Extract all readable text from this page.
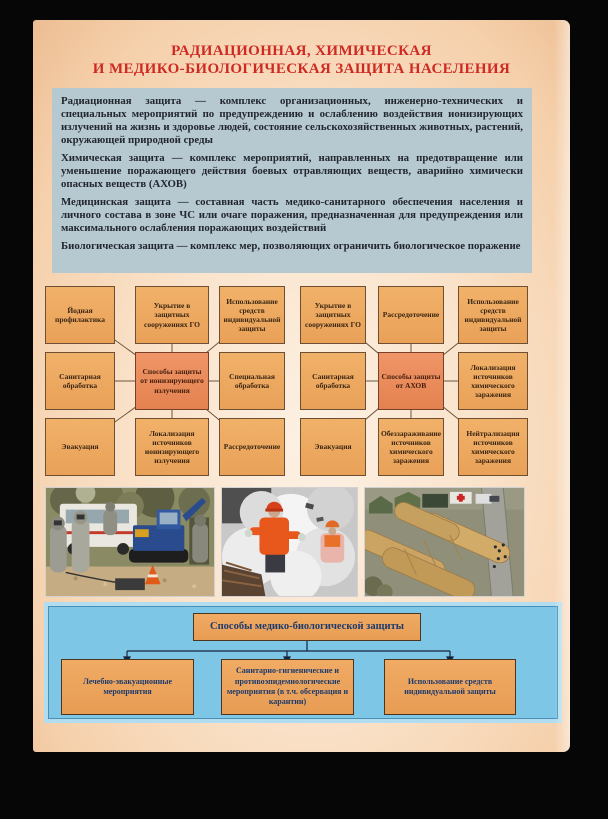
РАДИАЦИОННАЯ, ХИМИЧЕСКАЯ
И МЕДИКО-БИОЛОГИЧЕСКАЯ ЗАЩИТА НАСЕЛЕНИЯ

Радиационная защита — комплекс организационных, инженерно-технических и специальных мероприятий по предупреждению и ослаблению воздействия ионизирующих излучений на жизнь и здоровье людей, состояние сельскохозяйственных животных, растений, окружающей природной среды

Химическая защита — комплекс мероприятий, направленных на предотвращение или уменьшение поражающего действия боевых отравляющих веществ, аварийно химически опасных веществ (АХОВ)

Медицинская защита — составная часть медико-санитарного обеспечения населения и личного состава в зоне ЧС или очаге поражения, предназначенная для предупреждения или максимального ослабления поражающих воздействий

Биологическая защита — комплекс мер, позволяющих ограничить биологическое поражение

Йодная профилактика
Укрытие в защитных сооружениях ГО
Использование средств индивидуальной защиты
Санитарная обработка
Способы защиты от ионизирующего излучения
Специальная обработка
Эвакуация
Локализация источников ионизирующего излучения
Рассредоточение
Укрытие в защитных сооружениях ГО
Рассредоточение
Использование средств индивидуальной защиты
Санитарная обработка
Способы защиты от АХОВ
Локализация источников химического заражения
Эвакуация
Обеззараживание источников химического заражения
Нейтрализация источников химического заражения
Способы медико-биологической защиты
Лечебно-эвакуационные мероприятия
Санитарно-гигиенические и противоэпидемиологические мероприятия (в т.ч. обсервация и карантин)
Использование средств индивидуальной защиты
